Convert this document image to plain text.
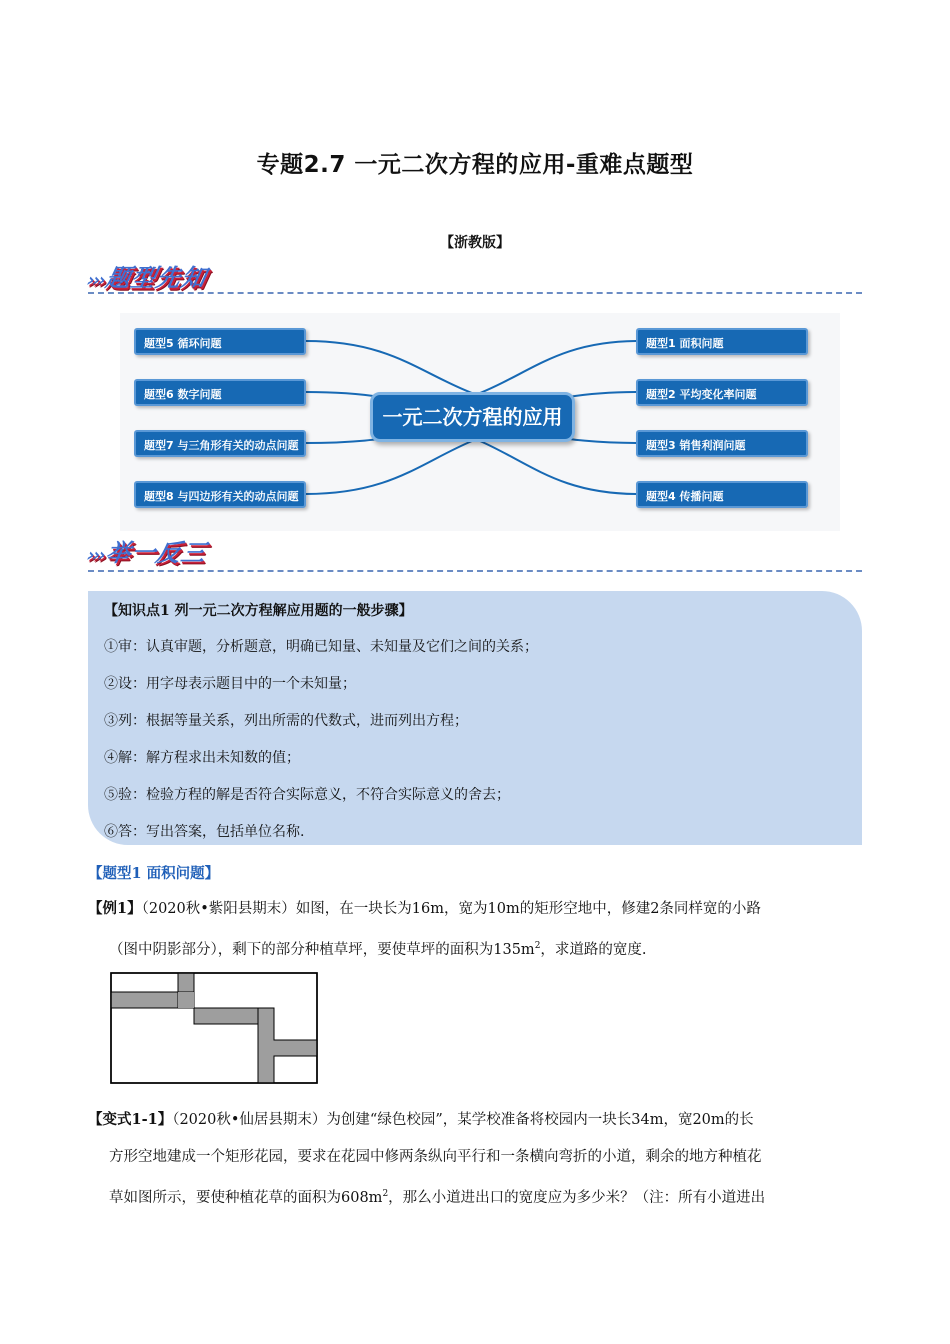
专题2.7 一元二次方程的应用-重难点题型
【浙教版】
›››题型先知
题型5 循环问题
题型6 数字问题
题型7 与三角形有关的动点问题
题型8 与四边形有关的动点问题
一元二次方程的应用
题型1 面积问题
题型2 平均变化率问题
题型3 销售利润问题
题型4 传播问题
›››举一反三
【知识点1 列一元二次方程解应用题的一般步骤】
①审：认真审题，分析题意，明确已知量、未知量及它们之间的关系；
②设：用字母表示题目中的一个未知量；
③列：根据等量关系，列出所需的代数式，进而列出方程；
④解：解方程求出未知数的值；
⑤验：检验方程的解是否符合实际意义，不符合实际意义的舍去；
⑥答：写出答案，包括单位名称.
【题型1 面积问题】
【例1】（2020秋•紫阳县期末）如图，在一块长为16m，宽为10m的矩形空地中，修建2条同样宽的小路
（图中阴影部分），剩下的部分种植草坪，要使草坪的面积为$135m^2$，求道路的宽度.
【变式1-1】（2020秋•仙居县期末）为创建“绿色校园”，某学校准备将校园内一块长34m，宽20m的长
方形空地建成一个矩形花园，要求在花园中修两条纵向平行和一条横向弯折的小道，剩余的地方种植花
草如图所示，要使种植花草的面积为$608m^2$，那么小道进出口的宽度应为多少米？（注：所有小道进出
